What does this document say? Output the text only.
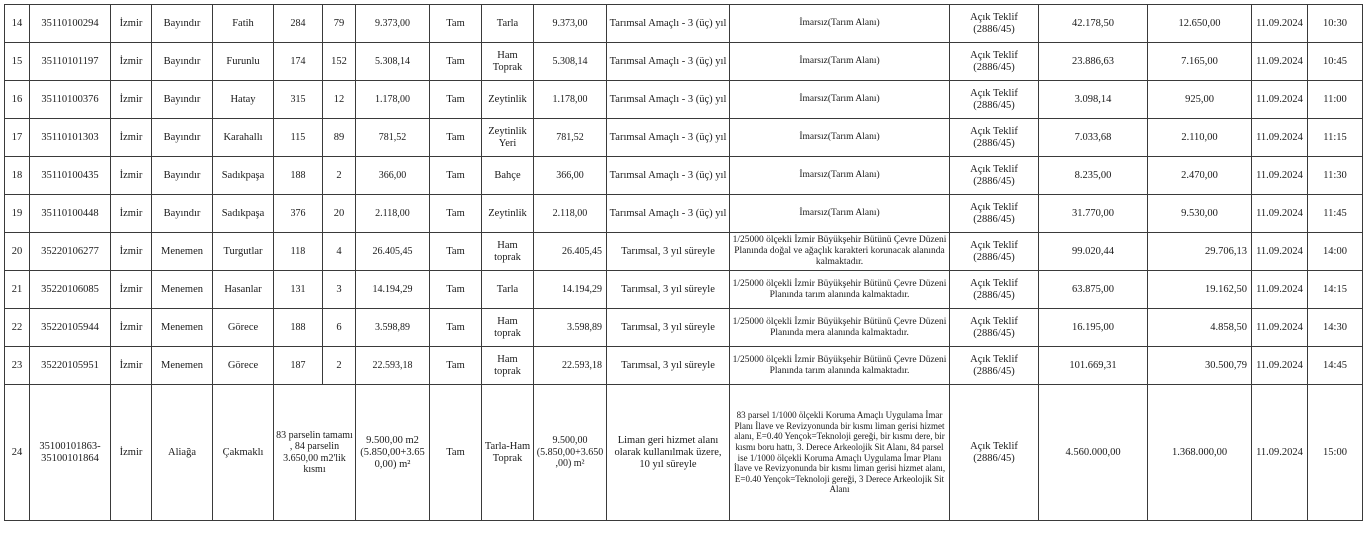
14	35110100294	İzmir	Bayındır	Fatih	284	79	9.373,00	Tam	Tarla	9.373,00	Tarımsal Amaçlı - 3 (üç) yıl	İmarsız(Tarım Alanı)	Açık Teklif (2886/45)	42.178,50	12.650,00	11.09.2024	10:30
15	35110101197	İzmir	Bayındır	Furunlu	174	152	5.308,14	Tam	Ham Toprak	5.308,14	Tarımsal Amaçlı - 3 (üç) yıl	İmarsız(Tarım Alanı)	Açık Teklif (2886/45)	23.886,63	7.165,00	11.09.2024	10:45
16	35110100376	İzmir	Bayındır	Hatay	315	12	1.178,00	Tam	Zeytinlik	1.178,00	Tarımsal Amaçlı - 3 (üç) yıl	İmarsız(Tarım Alanı)	Açık Teklif (2886/45)	3.098,14	925,00	11.09.2024	11:00
17	35110101303	İzmir	Bayındır	Karahallı	115	89	781,52	Tam	Zeytinlik Yeri	781,52	Tarımsal Amaçlı - 3 (üç) yıl	İmarsız(Tarım Alanı)	Açık Teklif (2886/45)	7.033,68	2.110,00	11.09.2024	11:15
18	35110100435	İzmir	Bayındır	Sadıkpaşa	188	2	366,00	Tam	Bahçe	366,00	Tarımsal Amaçlı - 3 (üç) yıl	İmarsız(Tarım Alanı)	Açık Teklif (2886/45)	8.235,00	2.470,00	11.09.2024	11:30
19	35110100448	İzmir	Bayındır	Sadıkpaşa	376	20	2.118,00	Tam	Zeytinlik	2.118,00	Tarımsal Amaçlı - 3 (üç) yıl	İmarsız(Tarım Alanı)	Açık Teklif (2886/45)	31.770,00	9.530,00	11.09.2024	11:45
20	35220106277	İzmir	Menemen	Turgutlar	118	4	26.405,45	Tam	Ham toprak	26.405,45	Tarımsal, 3 yıl süreyle	1/25000 ölçekli İzmir Büyükşehir Bütünü Çevre Düzeni Planında doğal ve ağaçlık karakteri korunacak alanında kalmaktadır.	Açık Teklif (2886/45)	99.020,44	29.706,13	11.09.2024	14:00
21	35220106085	İzmir	Menemen	Hasanlar	131	3	14.194,29	Tam	Tarla	14.194,29	Tarımsal, 3 yıl süreyle	1/25000 ölçekli İzmir Büyükşehir Bütünü Çevre Düzeni Planında tarım alanında kalmaktadır.	Açık Teklif (2886/45)	63.875,00	19.162,50	11.09.2024	14:15
22	35220105944	İzmir	Menemen	Görece	188	6	3.598,89	Tam	Ham toprak	3.598,89	Tarımsal, 3 yıl süreyle	1/25000 ölçekli İzmir Büyükşehir Bütünü Çevre Düzeni Planında mera alanında kalmaktadır.	Açık Teklif (2886/45)	16.195,00	4.858,50	11.09.2024	14:30
23	35220105951	İzmir	Menemen	Görece	187	2	22.593,18	Tam	Ham toprak	22.593,18	Tarımsal, 3 yıl süreyle	1/25000 ölçekli İzmir Büyükşehir Bütünü Çevre Düzeni Planında tarım alanında kalmaktadır.	Açık Teklif (2886/45)	101.669,31	30.500,79	11.09.2024	14:45
24	35100101863-35100101864	İzmir	Aliağa	Çakmaklı	83 parselin tamamı , 84 parselin 3.650,00 m2'lik kısmı		9.500,00 m2 (5.850,00+3.650,00) m²	Tam	Tarla-Ham Toprak	9.500,00 (5.850,00+3.650,00) m²	Liman geri hizmet alanı olarak kullanılmak üzere, 10 yıl süreyle	83 parsel 1/1000 ölçekli Koruma Amaçlı Uygulama İmar Planı İlave ve Revizyonunda bir kısmı liman gerisi hizmet alanı, E=0.40 Yençok=Teknoloji gereği, bir kısmı dere, bir kısmı boru hattı, 3. Derece Arkeolojik Sit Alanı, 84 parsel ise 1/1000 ölçekli Koruma Amaçlı Uygulama İmar Planı İlave ve Revizyonunda bir kısmı liman gerisi hizmet alanı, E=0.40 Yençok=Teknoloji gereği, 3 Derece Arkeolojik Sit Alanı	Açık Teklif (2886/45)	4.560.000,00	1.368.000,00	11.09.2024	15:00
